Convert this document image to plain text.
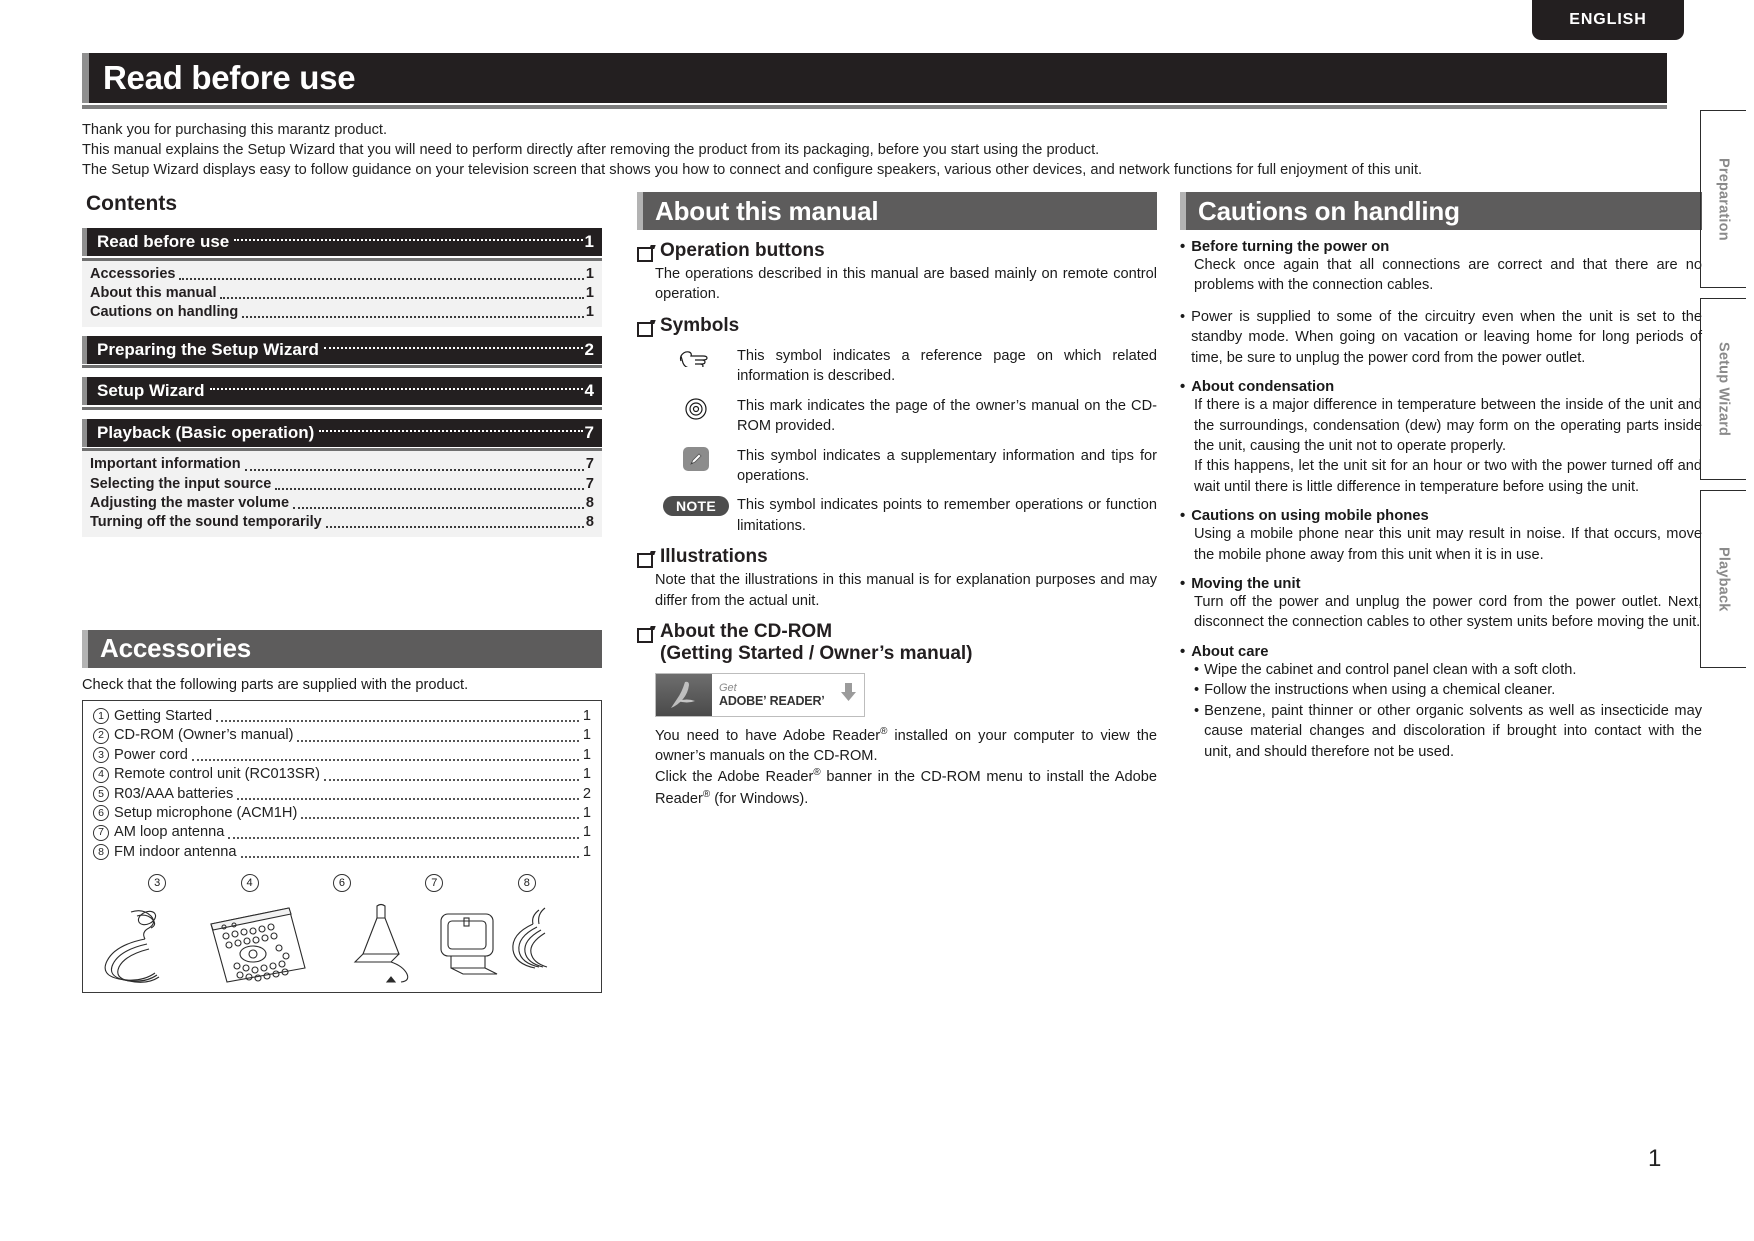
ENGLISH
Read before use
Thank you for purchasing this marantz product.
This manual explains the Setup Wizard that you will need to perform directly after removing the product from its packaging, before you start using the product.
The Setup Wizard displays easy to follow guidance on your television screen that shows you how to connect and configure speakers, various other devices, and network functions for full enjoyment of this unit.
Contents
Read before use	1
Accessories	1
About this manual	1
Cautions on handling	1
Preparing the Setup Wizard	2
Setup Wizard	4
Playback (Basic operation)	7
Important information	7
Selecting the input source	7
Adjusting the master volume	8
Turning off the sound temporarily	8
Accessories
Check that the following parts are supplied with the product.
1 Getting Started	1
2 CD-ROM (Owner’s manual)	1
3 Power cord	1
4 Remote control unit (RC013SR)	1
5 R03/AAA batteries	2
6 Setup microphone (ACM1H)	1
7 AM loop antenna	1
8 FM indoor antenna	1
3	4	6	7	8
About this manual
Operation buttons
The operations described in this manual are based mainly on remote control operation.
Symbols
This symbol indicates a reference page on which related information is described.
This mark indicates the page of the owner’s manual on the CD-ROM provided.
This symbol indicates a supplementary information and tips for operations.
NOTE	This symbol indicates points to remember operations or function limitations.
Illustrations
Note that the illustrations in this manual is for explanation purposes and may differ from the actual unit.
About the CD-ROM
(Getting Started / Owner’s manual)
Get
ADOBEʼ READERʼ
You need to have Adobe Reader® installed on your computer to view the owner’s manuals on the CD-ROM.
Click the Adobe Reader® banner in the CD-ROM menu to install the Adobe Reader® (for Windows).
Cautions on handling
• Before turning the power on
Check once again that all connections are correct and that there are no problems with the connection cables.
• Power is supplied to some of the circuitry even when the unit is set to the standby mode. When going on vacation or leaving home for long periods of time, be sure to unplug the power cord from the power outlet.
• About condensation
If there is a major difference in temperature between the inside of the unit and the surroundings, condensation (dew) may form on the operating parts inside the unit, causing the unit not to operate properly.
If this happens, let the unit sit for an hour or two with the power turned off and wait until there is little difference in temperature before using the unit.
• Cautions on using mobile phones
Using a mobile phone near this unit may result in noise. If that occurs, move the mobile phone away from this unit when it is in use.
• Moving the unit
Turn off the power and unplug the power cord from the power outlet. Next, disconnect the connection cables to other system units before moving the unit.
• About care
• Wipe the cabinet and control panel clean with a soft cloth.
• Follow the instructions when using a chemical cleaner.
• Benzene, paint thinner or other organic solvents as well as insecticide may cause material changes and discoloration if brought into contact with the unit, and should therefore not be used.
Preparation
Setup Wizard
Playback
1
